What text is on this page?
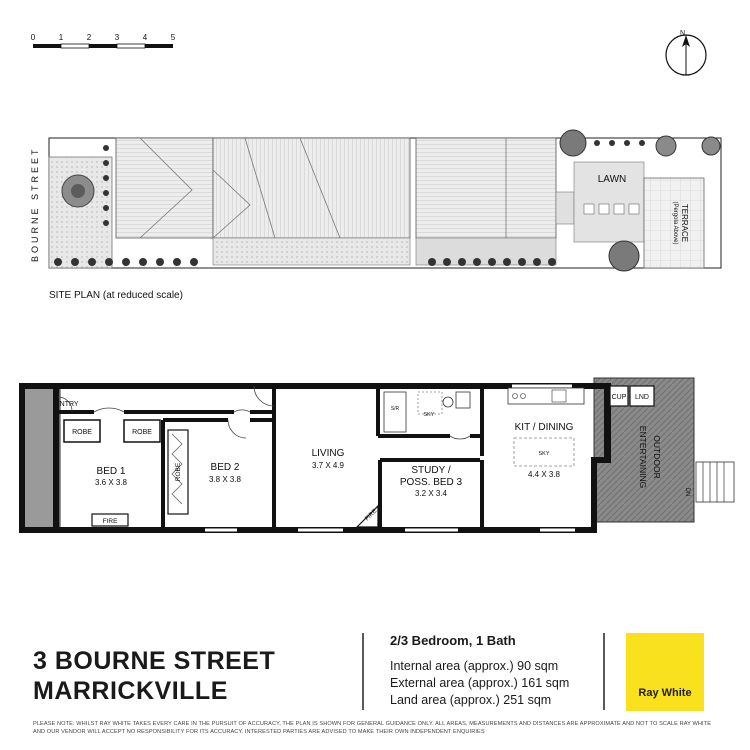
0	1	2	3	4	5	N
BOURNE STREET	LAWN
TERRACE
(Pergola Above)
SITE PLAN (at reduced scale)
ENTRY
ROBE	ROBE
ROBE
BED 1
3.6 X 3.8
BED 2
3.8 X 3.8
LIVING
3.7 X 4.9	STUDY /
POSS. BED 3
3.2 X 3.4
KIT / DINING
4.4 X 3.8
SKY
SKY
S/R
FIRE	FIRE
CUP LND
ENTERTAINING OUTDOOR
DN
3 BOURNE STREET
MARRICKVILLE
2/3 Bedroom, 1 Bath
Internal area (approx.) 90 sqm
External area (approx.) 161 sqm
Land area (approx.) 251 sqm	Ray White
PLEASE NOTE: WHILST RAY WHITE TAKES EVERY CARE IN THE PURSUIT OF ACCURACY, THE PLAN IS SHOWN FOR GENERAL GUIDANCE ONLY. ALL AREAS, MEASUREMENTS AND DISTANCES ARE APPROXIMATE AND NOT TO SCALE RAY WHITE AND OUR VENDOR WILL ACCEPT NO RESPONSIBILITY FOR ITS ACCURACY. INTERESTED PARTIES ARE ADVISED TO MAKE THEIR OWN INDEPENDENT ENQUIRIES
